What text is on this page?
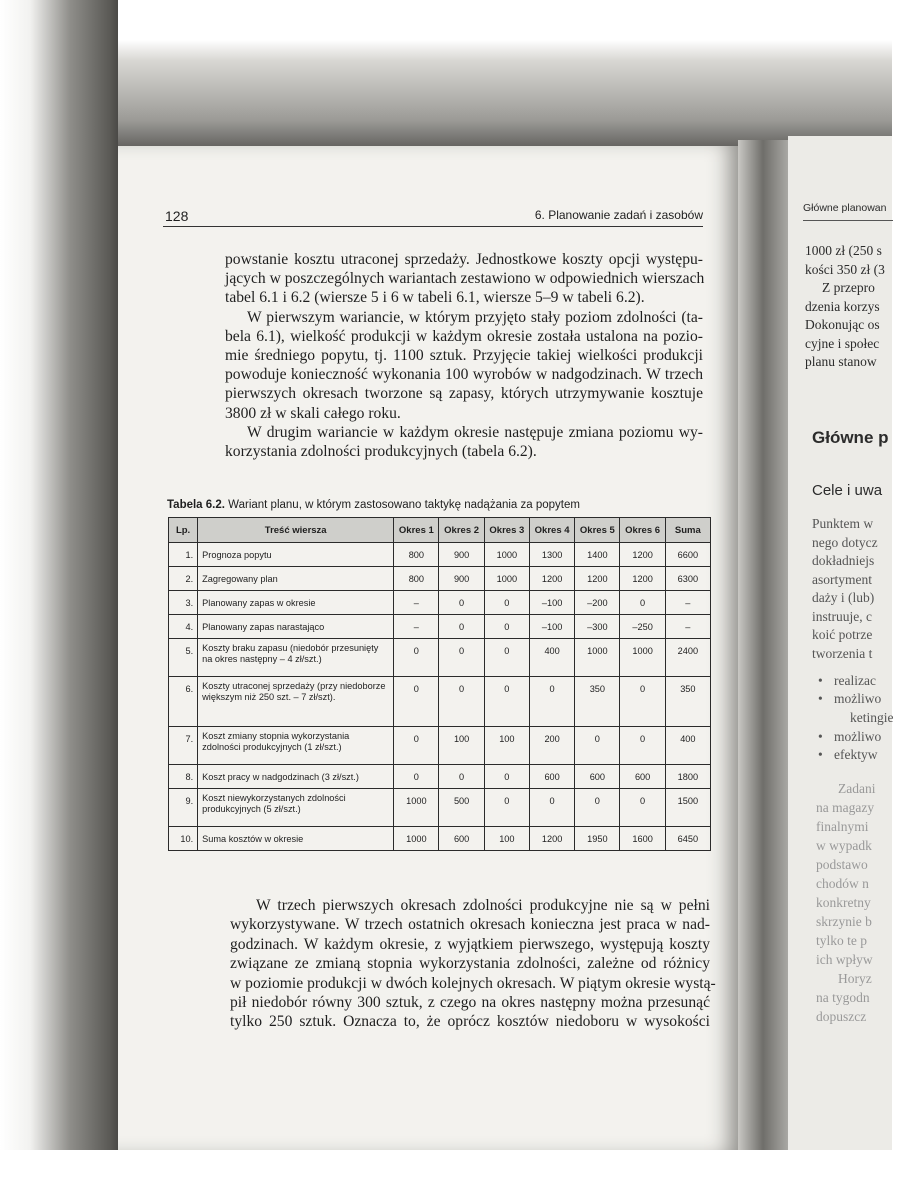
128	6. Planowanie zadań i zasobów
powstanie kosztu utraconej sprzedaży. Jednostkowe koszty opcji występu-
jących w poszczególnych wariantach zestawiono w odpowiednich wierszach
tabel 6.1 i 6.2 (wiersze 5 i 6 w tabeli 6.1, wiersze 5–9 w tabeli 6.2).
W pierwszym wariancie, w którym przyjęto stały poziom zdolności (ta-
bela 6.1), wielkość produkcji w każdym okresie została ustalona na pozio-
mie średniego popytu, tj. 1100 sztuk. Przyjęcie takiej wielkości produkcji
powoduje konieczność wykonania 100 wyrobów w nadgodzinach. W trzech
pierwszych okresach tworzone są zapasy, których utrzymywanie kosztuje
3800 zł w skali całego roku.
W drugim wariancie w każdym okresie następuje zmiana poziomu wy-
korzystania zdolności produkcyjnych (tabela 6.2).
Tabela 6.2. Wariant planu, w którym zastosowano taktykę nadążania za popytem
Lp.	Treść wiersza	Okres 1	Okres 2	Okres 3	Okres 4	Okres 5	Okres 6	Suma
1.	Prognoza popytu	800	900	1000	1300	1400	1200	6600
2.	Zagregowany plan	800	900	1000	1200	1200	1200	6300
3.	Planowany zapas w okresie	–	0	0	–100	–200	0	–
4.	Planowany zapas narastająco	–	0	0	–100	–300	–250	–
5.	Koszty braku zapasu (niedobór przesunięty na okres następny – 4 zł/szt.)	0	0	0	400	1000	1000	2400
6.	Koszty utraconej sprzedaży (przy niedoborze większym niż 250 szt. – 7 zł/szt).	0	0	0	0	350	0	350
7.	Koszt zmiany stopnia wykorzystania zdolności produkcyjnych (1 zł/szt.)	0	100	100	200	0	0	400
8.	Koszt pracy w nadgodzinach (3 zł/szt.)	0	0	0	600	600	600	1800
9.	Koszt niewykorzystanych zdolności produkcyjnych (5 zł/szt.)	1000	500	0	0	0	0	1500
10.	Suma kosztów w okresie	1000	600	100	1200	1950	1600	6450
W trzech pierwszych okresach zdolności produkcyjne nie są w pełni
wykorzystywane. W trzech ostatnich okresach konieczna jest praca w nad-
godzinach. W każdym okresie, z wyjątkiem pierwszego, występują koszty
związane ze zmianą stopnia wykorzystania zdolności, zależne od różnicy
w poziomie produkcji w dwóch kolejnych okresach. W piątym okresie wystą-
pił niedobór równy 300 sztuk, z czego na okres następny można przesunąć
tylko 250 sztuk. Oznacza to, że oprócz kosztów niedoboru w wysokości
Główne planowan
1000 zł (250 s
kości 350 zł (3
Z przepro
dzenia korzys
Dokonując os
cyjne i społec
planu stanow
Główne p
Cele i uwa
Punktem w
nego dotycz
dokładniejs
asortyment
daży i (lub)
instruuje, c
koić potrze
tworzenia t
• realizac
• możliwo
ketingie
• możliwo
• efektyw
Zadani
na magazy
finalnymi
w wypadk
podstawo
chodów n
konkretny
skrzynie b
tylko te p
ich wpływ
Horyz
na tygodn
dopuszcz
